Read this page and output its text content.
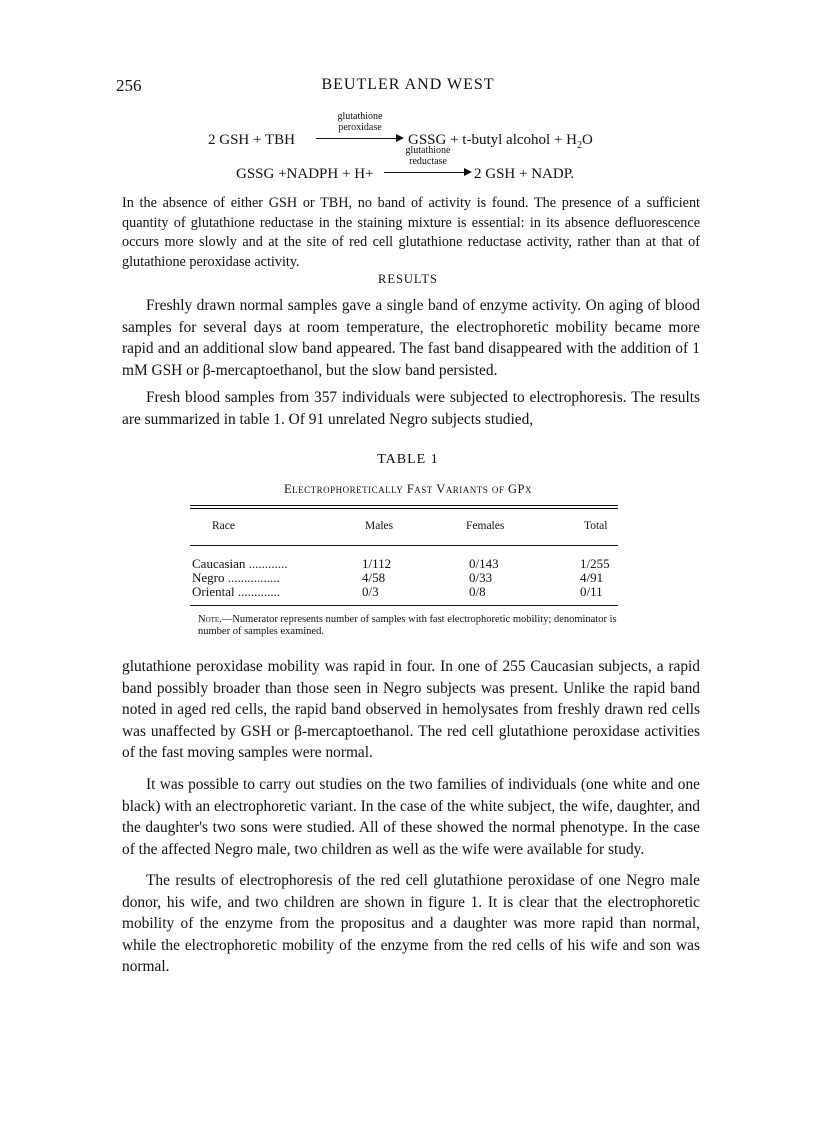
256	BEUTLER AND WEST
2 GSH + TBH
glutathione
peroxidase
GSSG + t-butyl alcohol + $H_2O$
GSSG +NADPH + H+
glutathione
reductase
2 GSH + NADP.
In the absence of either GSH or TBH, no band of activity is found. The presence of a sufficient quantity of glutathione reductase in the staining mixture is essential: in its absence defluorescence occurs more slowly and at the site of red cell glutathione reductase activity, rather than at that of glutathione peroxidase activity.
RESULTS
Freshly drawn normal samples gave a single band of enzyme activity. On aging of blood samples for several days at room temperature, the electrophoretic mobility became more rapid and an additional slow band appeared. The fast band disappeared with the addition of 1 mM GSH or β-mercaptoethanol, but the slow band persisted.
Fresh blood samples from 357 individuals were subjected to electrophoresis. The results are summarized in table 1. Of 91 unrelated Negro subjects studied,
TABLE 1
Electrophoretically Fast Variants of GPx
Race	Males	Females	Total
Caucasian ............	1/112	0/143	1/255
Negro ................	4/58	0/33	4/91
Oriental .............	0/3	0/8	0/11
Note.—Numerator represents number of samples with fast electrophoretic mobility; denominator is number of samples examined.
glutathione peroxidase mobility was rapid in four. In one of 255 Caucasian subjects, a rapid band possibly broader than those seen in Negro subjects was present. Unlike the rapid band noted in aged red cells, the rapid band observed in hemolysates from freshly drawn red cells was unaffected by GSH or β-mercaptoethanol. The red cell glutathione peroxidase activities of the fast moving samples were normal.
It was possible to carry out studies on the two families of individuals (one white and one black) with an electrophoretic variant. In the case of the white subject, the wife, daughter, and the daughter's two sons were studied. All of these showed the normal phenotype. In the case of the affected Negro male, two children as well as the wife were available for study.
The results of electrophoresis of the red cell glutathione peroxidase of one Negro male donor, his wife, and two children are shown in figure 1. It is clear that the electrophoretic mobility of the enzyme from the propositus and a daughter was more rapid than normal, while the electrophoretic mobility of the enzyme from the red cells of his wife and son was normal.
